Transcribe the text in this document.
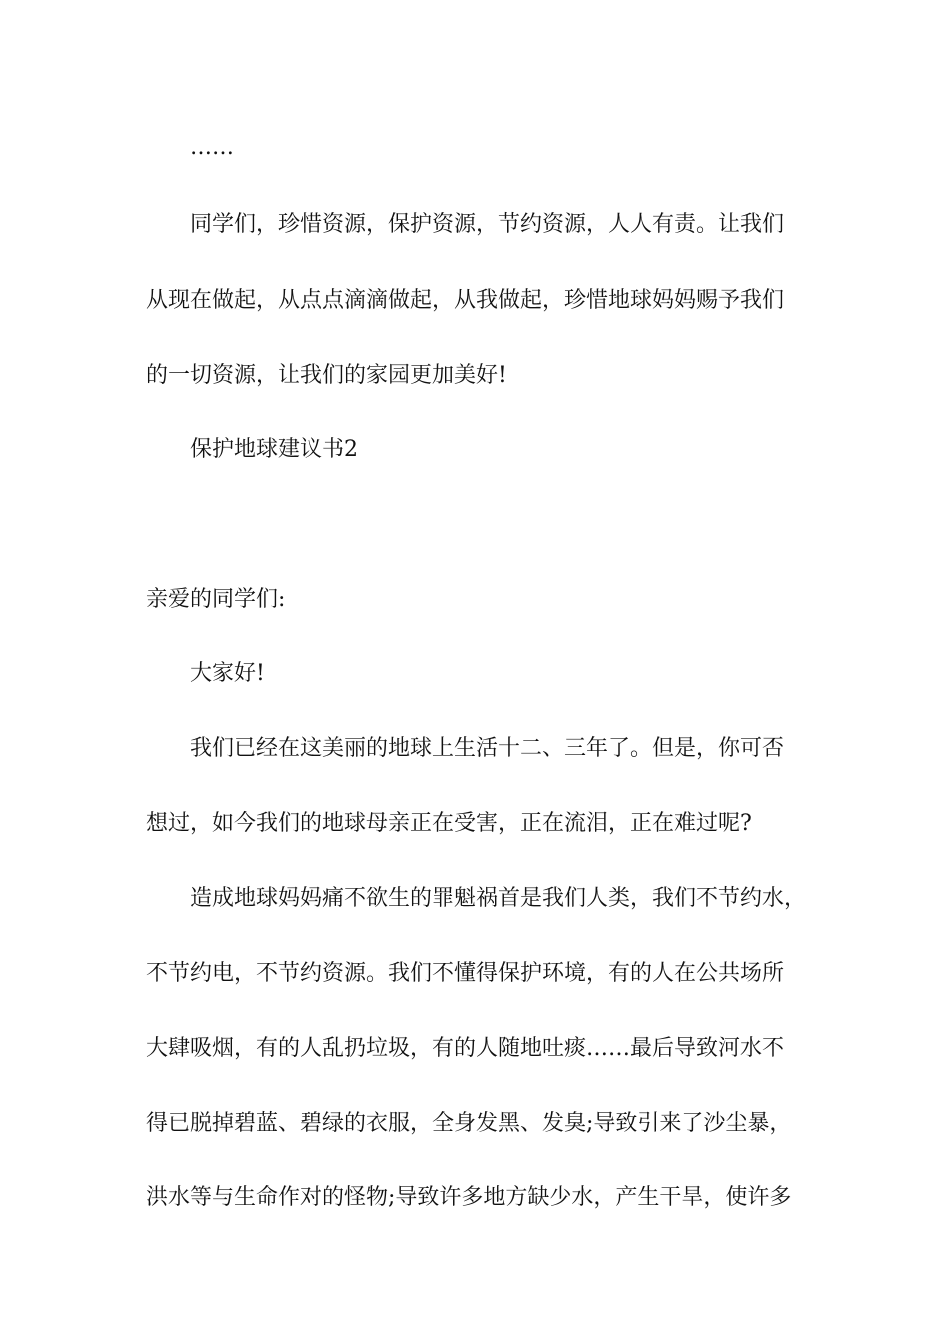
……

同学们，珍惜资源，保护资源，节约资源，人人有责。让我们

从现在做起，从点点滴滴做起，从我做起，珍惜地球妈妈赐予我们

的一切资源，让我们的家园更加美好!

保护地球建议书2

亲爱的同学们:

大家好!

我们已经在这美丽的地球上生活十二、三年了。但是，你可否

想过，如今我们的地球母亲正在受害，正在流泪，正在难过呢?

造成地球妈妈痛不欲生的罪魁祸首是我们人类，我们不节约水，

不节约电，不节约资源。我们不懂得保护环境，有的人在公共场所

大肆吸烟，有的人乱扔垃圾，有的人随地吐痰……最后导致河水不

得已脱掉碧蓝、碧绿的衣服，全身发黑、发臭;导致引来了沙尘暴，

洪水等与生命作对的怪物;导致许多地方缺少水，产生干旱，使许多
